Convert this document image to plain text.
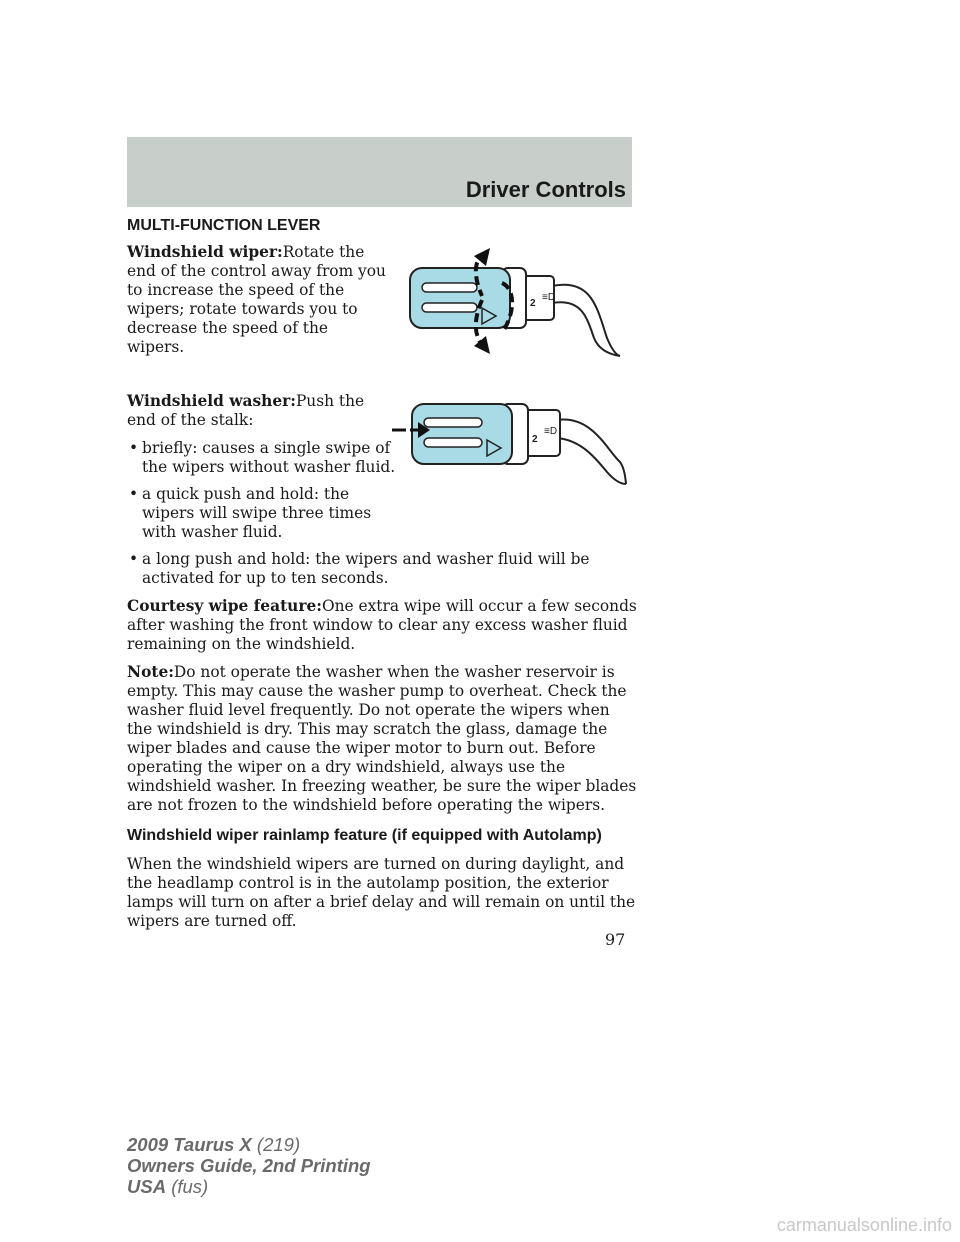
Driver Controls
MULTI-FUNCTION LEVER

Windshield wiper:Rotate the end of the control away from you to increase the speed of the wipers; rotate towards you to decrease the speed of the wipers.

Windshield washer:Push the end of the stalk:

• briefly: causes a single swipe of the wipers without washer fluid.
• a quick push and hold: the wipers will swipe three times with washer fluid.
• a long push and hold: the wipers and washer fluid will be activated for up to ten seconds.

Courtesy wipe feature:One extra wipe will occur a few seconds after washing the front window to clear any excess washer fluid remaining on the windshield.

Note:Do not operate the washer when the washer reservoir is empty. This may cause the washer pump to overheat. Check the washer fluid level frequently. Do not operate the wipers when the windshield is dry. This may scratch the glass, damage the wiper blades and cause the wiper motor to burn out. Before operating the wiper on a dry windshield, always use the windshield washer. In freezing weather, be sure the wiper blades are not frozen to the windshield before operating the wipers.

Windshield wiper rainlamp feature (if equipped with Autolamp)

When the windshield wipers are turned on during daylight, and the headlamp control is in the autolamp position, the exterior lamps will turn on after a brief delay and will remain on until the wipers are turned off.

2
≡D
2
≡D
97
2009 Taurus X (219)
Owners Guide, 2nd Printing
USA (fus)
carmanualsonline.info
